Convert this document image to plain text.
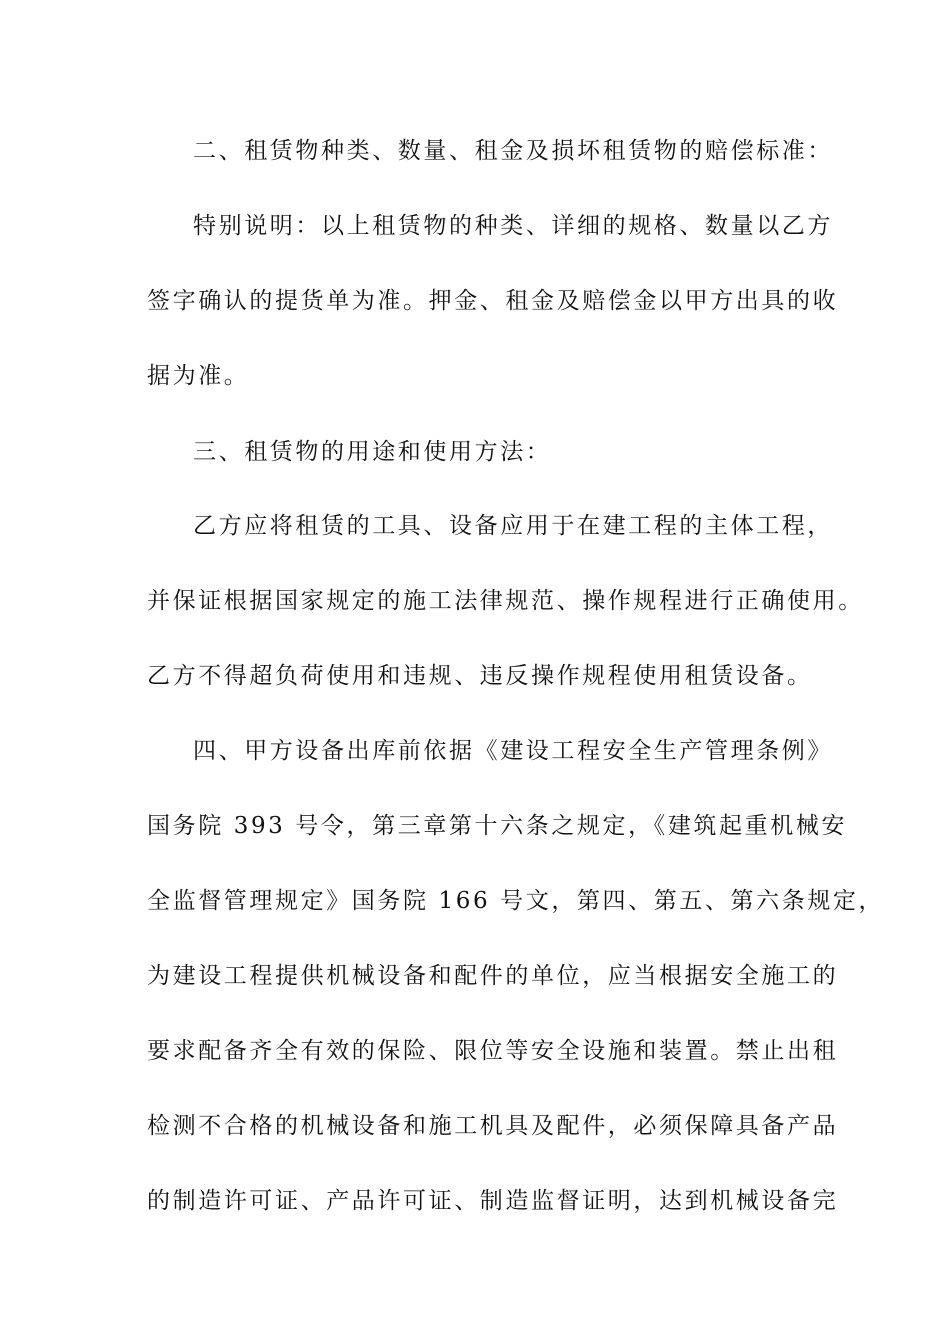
二、租赁物种类、数量、租金及损坏租赁物的赔偿标准：
特别说明：以上租赁物的种类、详细的规格、数量以乙方
签字确认的提货单为准。押金、租金及赔偿金以甲方出具的收
据为准。
三、租赁物的用途和使用方法：
乙方应将租赁的工具、设备应用于在建工程的主体工程，
并保证根据国家规定的施工法律规范、操作规程进行正确使用。
乙方不得超负荷使用和违规、违反操作规程使用租赁设备。
四、甲方设备出库前依据《建设工程安全生产管理条例》
国务院 393 号令，第三章第十六条之规定，《建筑起重机械安
全监督管理规定》国务院 166 号文，第四、第五、第六条规定，
为建设工程提供机械设备和配件的单位，应当根据安全施工的
要求配备齐全有效的保险、限位等安全设施和装置。禁止出租
检测不合格的机械设备和施工机具及配件，必须保障具备产品
的制造许可证、产品许可证、制造监督证明，达到机械设备完
